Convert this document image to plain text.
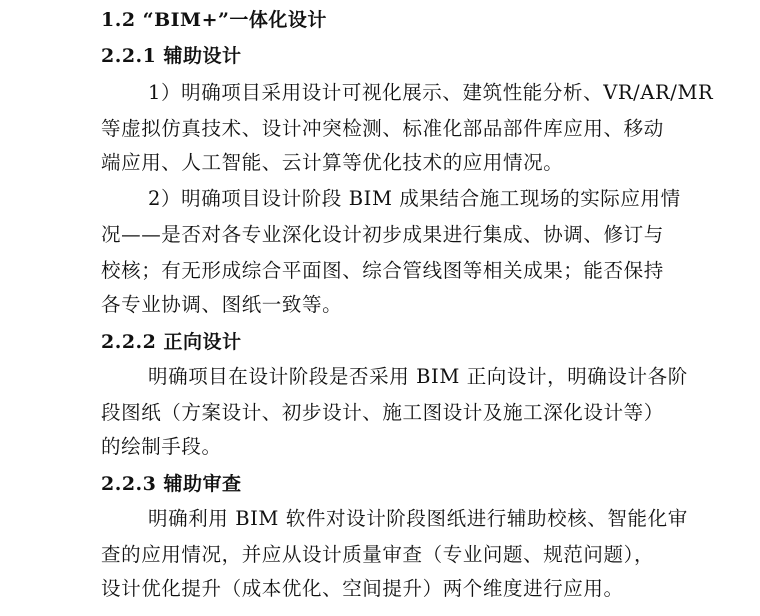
1.2 “BIM+”一体化设计
2.2.1 辅助设计
1）明确项目采用设计可视化展示、建筑性能分析、VR/AR/MR
等虚拟仿真技术、设计冲突检测、标准化部品部件库应用、移动
端应用、人工智能、云计算等优化技术的应用情况。
2）明确项目设计阶段 BIM 成果结合施工现场的实际应用情
况——是否对各专业深化设计初步成果进行集成、协调、修订与
校核；有无形成综合平面图、综合管线图等相关成果；能否保持
各专业协调、图纸一致等。
2.2.2 正向设计
明确项目在设计阶段是否采用 BIM 正向设计，明确设计各阶
段图纸（方案设计、初步设计、施工图设计及施工深化设计等）
的绘制手段。
2.2.3 辅助审查
明确利用 BIM 软件对设计阶段图纸进行辅助校核、智能化审
查的应用情况，并应从设计质量审查（专业问题、规范问题），
设计优化提升（成本优化、空间提升）两个维度进行应用。
